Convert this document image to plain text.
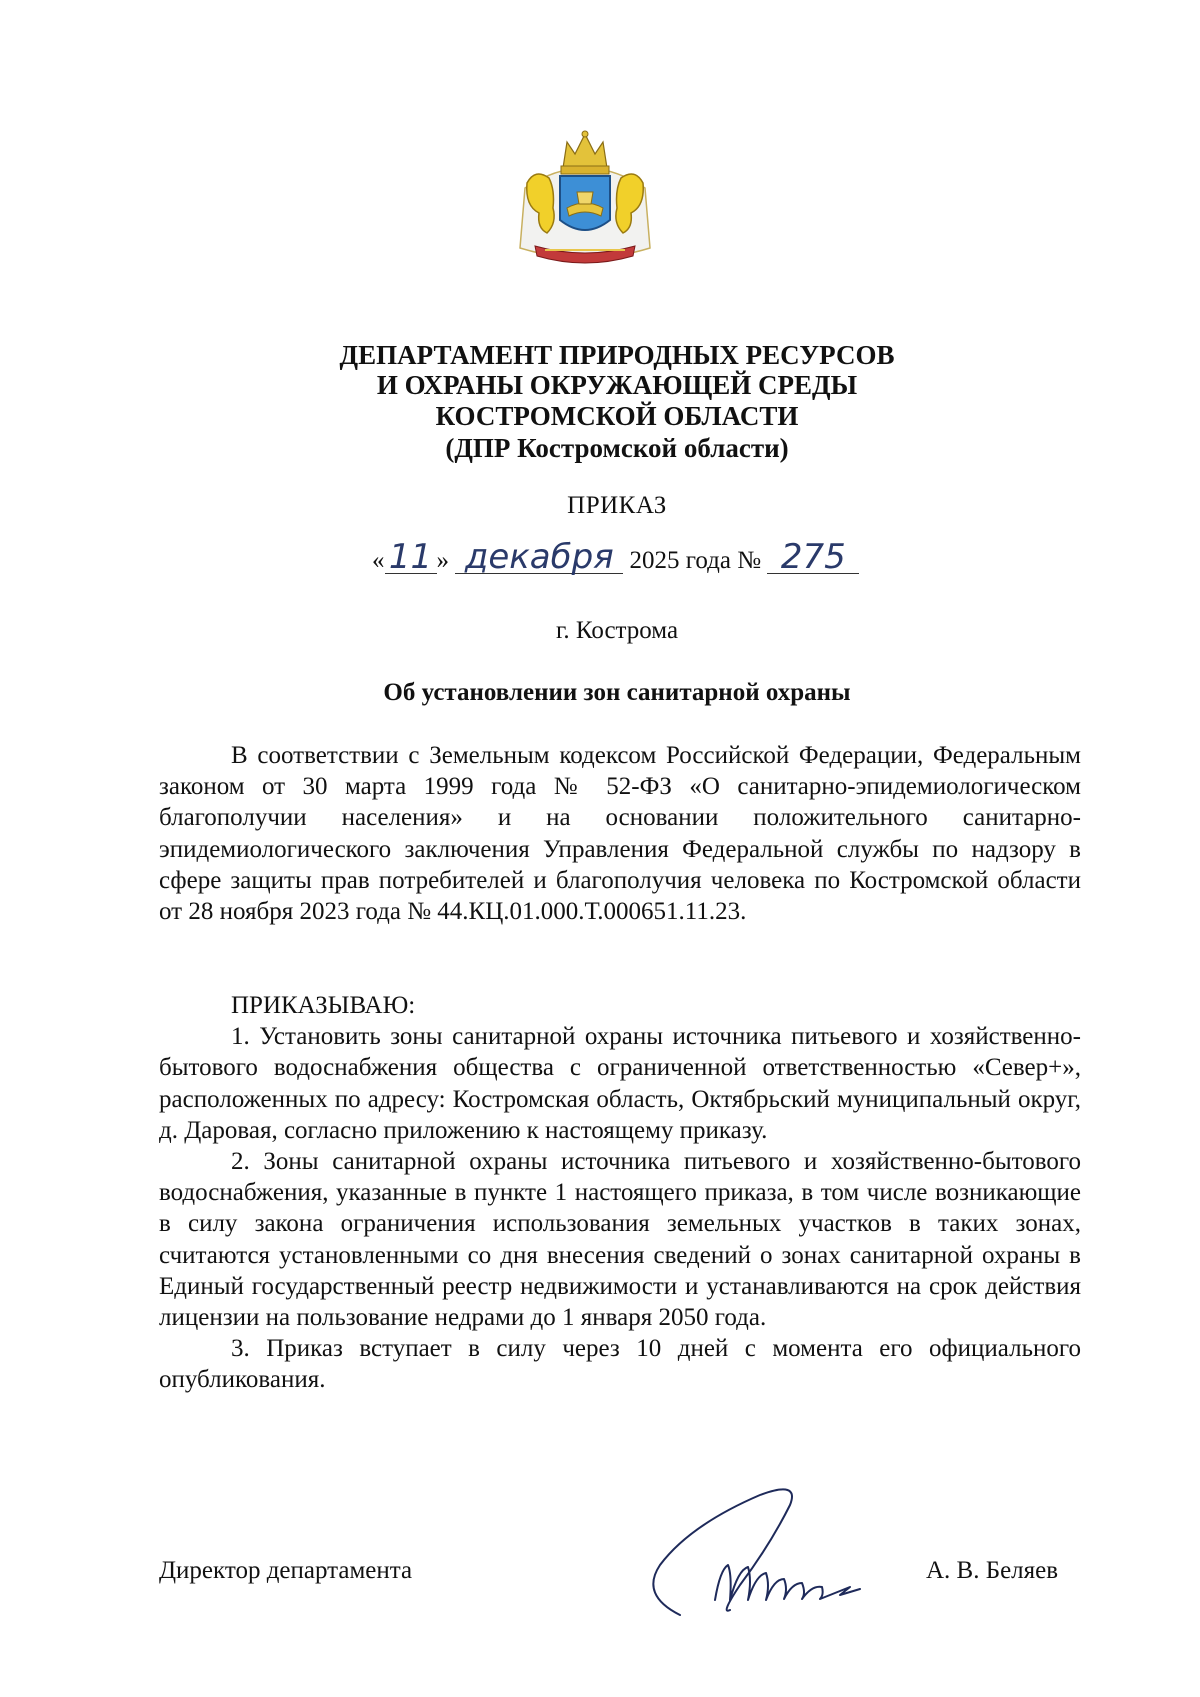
ДЕПАРТАМЕНТ ПРИРОДНЫХ РЕСУРСОВ
И ОХРАНЫ ОКРУЖАЮЩЕЙ СРЕДЫ
КОСТРОМСКОЙ ОБЛАСТИ
(ДПР Костромской области)
ПРИКАЗ
« 11 » декабря 2025 года № 275
г. Кострома
Об установлении зон санитарной охраны

В соответствии с Земельным кодексом Российской Федерации, Федеральным законом от 30 марта 1999 года № 52-ФЗ «О санитарно-эпидемиологическом благополучии населения» и на основании положительного санитарно-эпидемиологического заключения Управления Федеральной службы по надзору в сфере защиты прав потребителей и благополучия человека по Костромской области от 28 ноября 2023 года № 44.КЦ.01.000.Т.000651.11.23.

ПРИКАЗЫВАЮ:

1. Установить зоны санитарной охраны источника питьевого и хозяйственно-бытового водоснабжения общества с ограниченной ответственностью «Север+», расположенных по адресу: Костромская область, Октябрьский муниципальный округ, д. Даровая, согласно приложению к настоящему приказу.

2. Зоны санитарной охраны источника питьевого и хозяйственно-бытового водоснабжения, указанные в пункте 1 настоящего приказа, в том числе возникающие в силу закона ограничения использования земельных участков в таких зонах, считаются установленными со дня внесения сведений о зонах санитарной охраны в Единый государственный реестр недвижимости и устанавливаются на срок действия лицензии на пользование недрами до 1 января 2050 года.

3. Приказ вступает в силу через 10 дней с момента его официального опубликования.

Директор департамента	А. В. Беляев
